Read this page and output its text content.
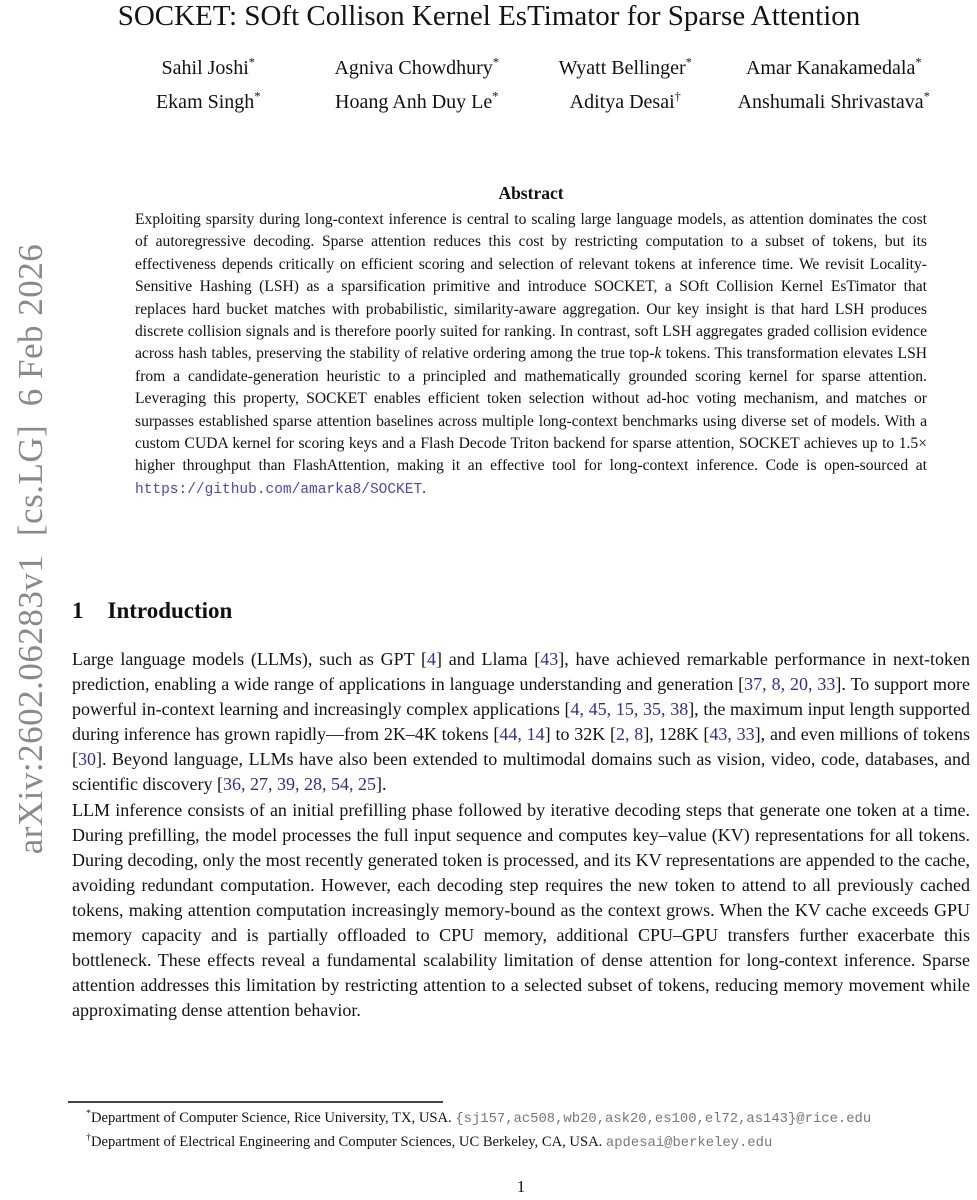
arXiv:2602.06283v1  [cs.LG]  6 Feb 2026
SOCKET: SOft Collison Kernel EsTimator for Sparse Attention
Sahil Joshi*	Agniva Chowdhury*	Wyatt Bellinger*	Amar Kanakamedala*
Ekam Singh*	Hoang Anh Duy Le*	Aditya Desai†	Anshumali Shrivastava*
Abstract
Exploiting sparsity during long-context inference is central to scaling large language models, as attention dominates the cost of autoregressive decoding. Sparse attention reduces this cost by restricting computation to a subset of tokens, but its effectiveness depends critically on efficient scoring and selection of relevant tokens at inference time. We revisit Locality-Sensitive Hashing (LSH) as a sparsification primitive and introduce SOCKET, a SOft Collision Kernel EsTimator that replaces hard bucket matches with probabilistic, similarity-aware aggregation. Our key insight is that hard LSH produces discrete collision signals and is therefore poorly suited for ranking. In contrast, soft LSH aggregates graded collision evidence across hash tables, preserving the stability of relative ordering among the true top-k tokens. This transformation elevates LSH from a candidate-generation heuristic to a principled and mathematically grounded scoring kernel for sparse attention. Leveraging this property, SOCKET enables efficient token selection without ad-hoc voting mechanism, and matches or surpasses established sparse attention baselines across multiple long-context benchmarks using diverse set of models. With a custom CUDA kernel for scoring keys and a Flash Decode Triton backend for sparse attention, SOCKET achieves up to 1.5× higher throughput than FlashAttention, making it an effective tool for long-context inference. Code is open-sourced at https://github.com/amarka8/SOCKET.
1 Introduction
Large language models (LLMs), such as GPT [4] and Llama [43], have achieved remarkable performance in next-token prediction, enabling a wide range of applications in language understanding and generation [37, 8, 20, 33]. To support more powerful in-context learning and increasingly complex applications [4, 45, 15, 35, 38], the maximum input length supported during inference has grown rapidly—from 2K–4K tokens [44, 14] to 32K [2, 8], 128K [43, 33], and even millions of tokens [30]. Beyond language, LLMs have also been extended to multimodal domains such as vision, video, code, databases, and scientific discovery [36, 27, 39, 28, 54, 25].
LLM inference consists of an initial prefilling phase followed by iterative decoding steps that generate one token at a time. During prefilling, the model processes the full input sequence and computes key–value (KV) representations for all tokens. During decoding, only the most recently generated token is processed, and its KV representations are appended to the cache, avoiding redundant computation. However, each decoding step requires the new token to attend to all previously cached tokens, making attention computation increasingly memory-bound as the context grows. When the KV cache exceeds GPU memory capacity and is partially offloaded to CPU memory, additional CPU–GPU transfers further exacerbate this bottleneck. These effects reveal a fundamental scalability limitation of dense attention for long-context inference. Sparse attention addresses this limitation by restricting attention to a selected subset of tokens, reducing memory movement while approximating dense attention behavior.
*Department of Computer Science, Rice University, TX, USA. {sj157,ac508,wb20,ask20,es100,el72,as143}@rice.edu
†Department of Electrical Engineering and Computer Sciences, UC Berkeley, CA, USA. apdesai@berkeley.edu
1
